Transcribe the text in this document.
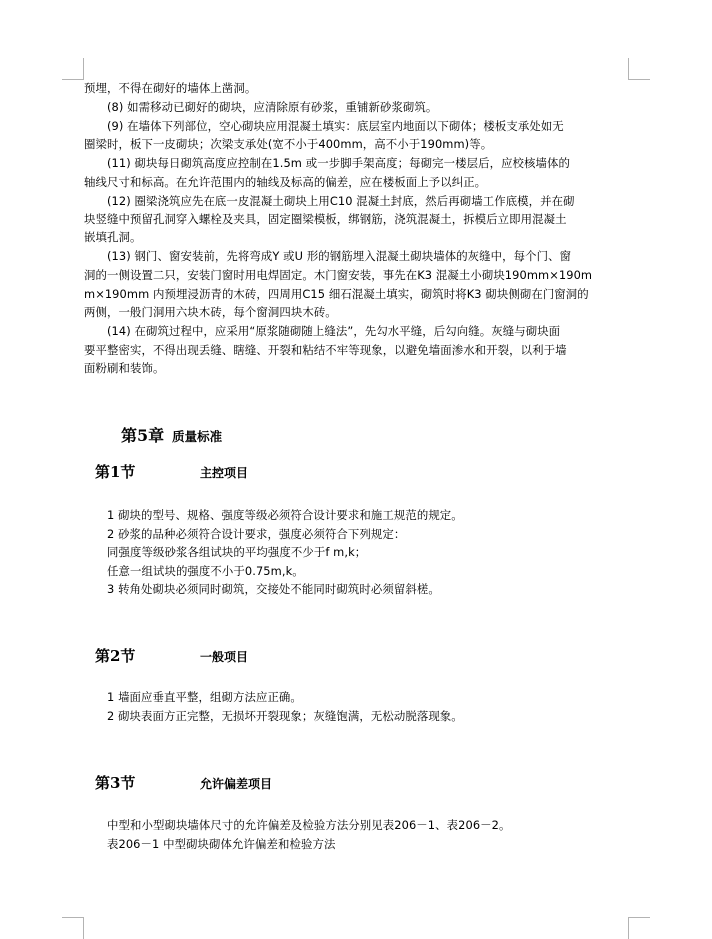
预埋，不得在砌好的墙体上凿洞。
(8) 如需移动已砌好的砌块，应清除原有砂浆，重铺新砂浆砌筑。
(9) 在墙体下列部位，空心砌块应用混凝土填实：底层室内地面以下砌体；楼板支承处如无
圈梁时，板下一皮砌块；次梁支承处(宽不小于400mm，高不小于190mm)等。
(11) 砌块每日砌筑高度应控制在1.5m 或一步脚手架高度；每砌完一楼层后，应校核墙体的
轴线尺寸和标高。在允许范围内的轴线及标高的偏差，应在楼板面上予以纠正。
(12) 圈梁浇筑应先在底一皮混凝土砌块上用C10 混凝土封底，然后再砌墙工作底模，并在砌
块竖缝中预留孔洞穿入螺栓及夹具，固定圈梁模板，绑钢筋，浇筑混凝土，拆模后立即用混凝土
嵌填孔洞。
(13) 钢门、窗安装前，先将弯成Y 或U 形的钢筋埋入混凝土砌块墙体的灰缝中，每个门、窗
洞的一侧设置二只，安装门窗时用电焊固定。木门窗安装，事先在K3 混凝土小砌块190mm×190m
m×190mm 内预埋浸沥青的木砖，四周用C15 细石混凝土填实，砌筑时将K3 砌块侧砌在门窗洞的
两侧，一般门洞用六块木砖，每个窗洞四块木砖。
(14) 在砌筑过程中，应采用“原浆随砌随上缝法”，先勾水平缝，后勾向缝。灰缝与砌块面
要平整密实，不得出现丢缝、瞎缝、开裂和粘结不牢等现象，以避免墙面渗水和开裂，以利于墙
面粉刷和装饰。
第5章 质量标准
第1节	主控项目
1 砌块的型号、规格、强度等级必须符合设计要求和施工规范的规定。
2 砂浆的品种必须符合设计要求，强度必须符合下列规定：
同强度等级砂浆各组试块的平均强度不少于f m,k；
任意一组试块的强度不小于0.75m,k。
3 转角处砌块必须同时砌筑，交接处不能同时砌筑时必须留斜槎。
第2节	一般项目
1 墙面应垂直平整，组砌方法应正确。
2 砌块表面方正完整，无损坏开裂现象；灰缝饱满，无松动脱落现象。
第3节	允许偏差项目
中型和小型砌块墙体尺寸的允许偏差及检验方法分别见表206－1、表206－2。
表206－1 中型砌块砌体允许偏差和检验方法
